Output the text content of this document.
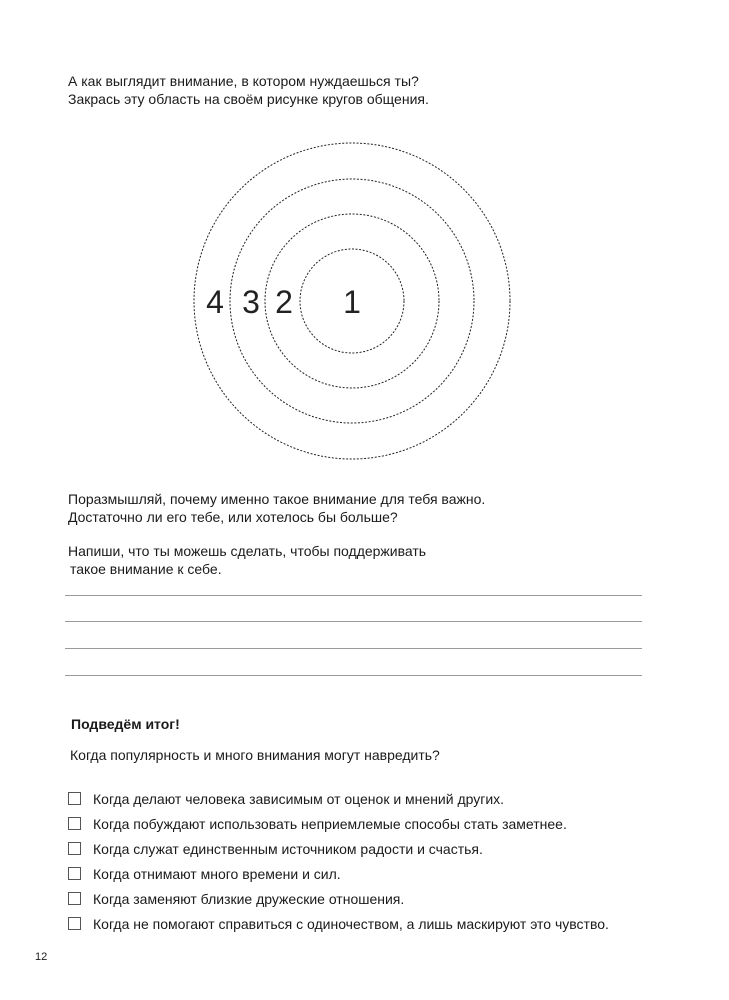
А как выглядит внимание, в котором нуждаешься ты?
Закрась эту область на своём рисунке кругов общения.
4 3 2 1
Поразмышляй, почему именно такое внимание для тебя важно.
Достаточно ли его тебе, или хотелось бы больше?
Напиши, что ты можешь сделать, чтобы поддерживать
такое внимание к себе.
Подведём итог!
Когда популярность и много внимания могут навредить?
Когда делают человека зависимым от оценок и мнений других.
Когда побуждают использовать неприемлемые способы стать заметнее.
Когда служат единственным источником радости и счастья.
Когда отнимают много времени и сил.
Когда заменяют близкие дружеские отношения.
Когда не помогают справиться с одиночеством, а лишь маскируют это чувство.
12
